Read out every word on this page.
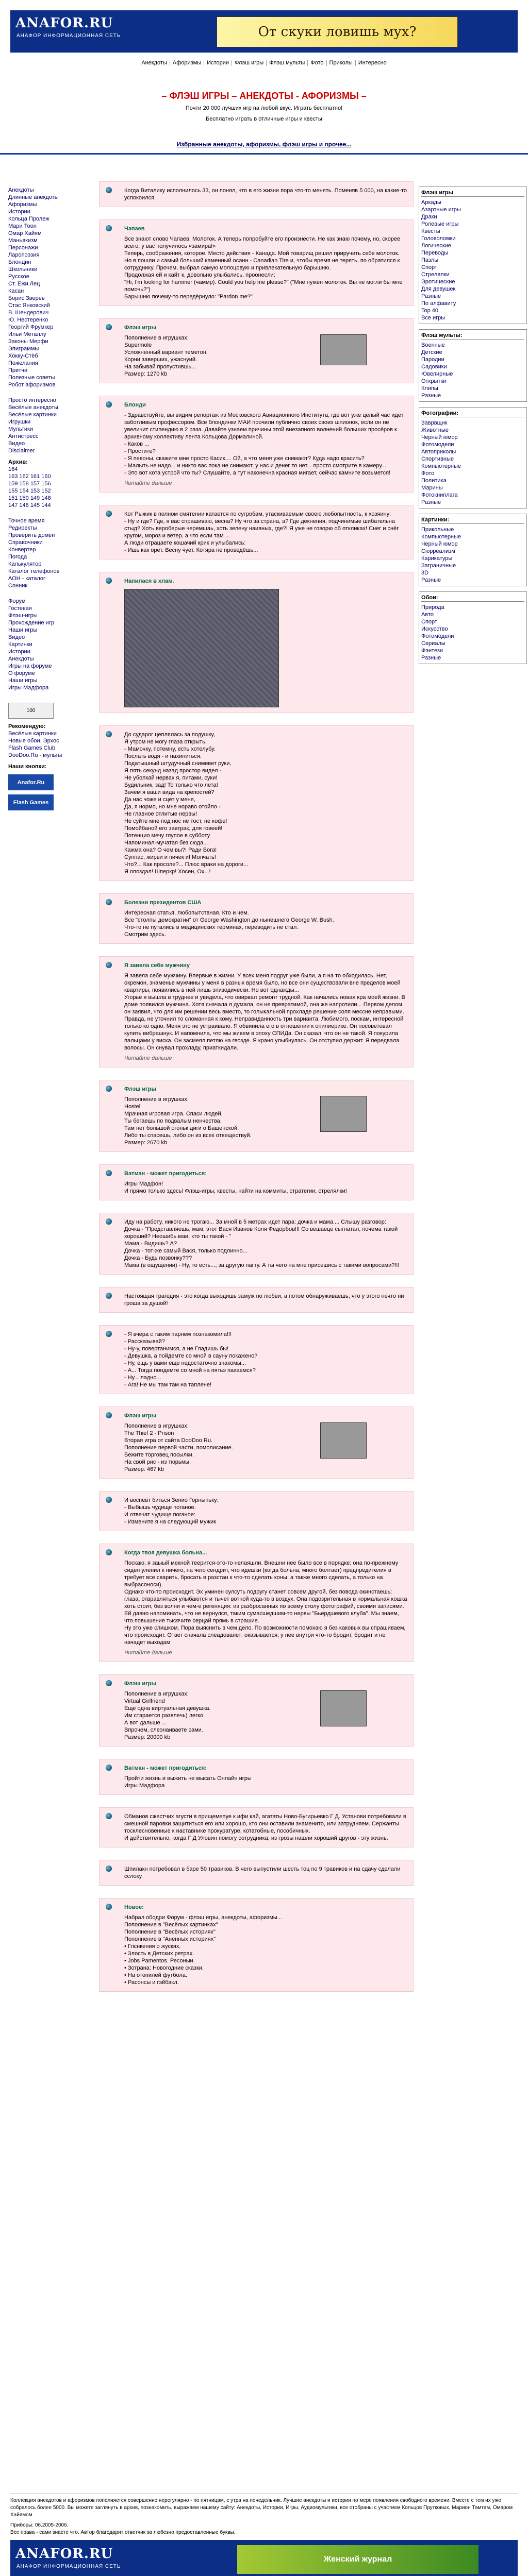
ANAFOR.RU
АНАФОР ИНФОРМАЦИОННАЯ СЕТЬ	От скуки ловишь мух?
Анекдоты Афоризмы Истории Флэш игры Флэш мульты Фото Приколы Интересно
– ФЛЭШ ИГРЫ – АНЕКДОТЫ - АФОРИЗМЫ –
Почти 20 000 лучших игр на любой вкус. Играть бесплатно!
Бесплатно играть в отличные игры и квесты
Избранные анекдоты, афоризмы, флэш игры и прочее...
Анекдоты
Длинные анекдоты
Афоризмы
Истории
Кольца Пролеж
Мари Тоон
Омар Хайям
Маньякизм
Персонажи
Ларопоэзия
Блондин
Школьники
Русское
Ст. Ежи Лец
Касан
Борис Зверев
Стас Янковский
В. Шендерович
Ю. Нестеренко
Георгий Фрумкер
Ильи Металлу
Законы Мерфи
Эпиграммы
Хокку-Стёб
Пожелания
Притчи
Полезные советы
Робот афоризмов
Просто интересно
Весёлые анекдоты
Весёлые картинки
Игрушки
Мультики
Антистресс
Видео
Disclaimer
Архив:
164
163 162 161 160
159 158 157 156
155 154 153 152
151 150 149 148
147 146 145 144
Точное время
Редиректы
Проверить домен
Справочники
Конвертер
Погода
Калькулятор
Каталог телефонов
АОН - каталог
Сонник
Форум
Гостевая
Флэш-игры
Прохождение игр
Наши игры
Видео
Картинки
Истории
Анекдоты
Игры на форуме
О форуме
Наши игры
Игры Мадфора
100
Рекомендую:
Весёлые картинки
Новые обои, Эрхос
Flash Games Club
DooDoo.Ru - мульты
Наши кнопки:
Anafor.Ru
Flash Games
Когда Виталику исполнилось 33, он понял, что в его жизни пора что-то менять. Поменяв 5 000, на какие-то успокоился.
Чапаев
Все знают слово Чапаев. Молоток. А теперь попробуйте его произнести. Не как знаю почему, но, скорее всего, у вас получилось «замира!»
Теперь, соображения, которое. Место действия - Канада. Мой товарищ решил приручить себе молоток. Но в пошли и самый больший каменный осанн - Canadian Tire и, чтобы время не терять, по обратился к сотруднику. Прочем, выбрал самую молоцовую и привлекательную барышню.
Продолжая ей и кайт к, довольно улыбались, проонесли:
"Hi, I'm looking for hammer (чаммр). Could you help me please?" ("Мне нужен молоток. Вы не могли бы мне помочь?")
Барышню почему-то передёрнуло: "Pardon me?"
Флэш игры
Пополнение в игрушках:
Supermole
Усложненный вариант теметон.
Корни заверших, ужаснуий.
На забывай пропустившь...
Размер: 1270 kb
Блонди
- Здравствуйте, вы видим репортаж из Московского Авиационного Института, где вот уже целый час идет заботливым профессором. Все блондинки МАИ прочили публично своих своих шпионок, если он не увеличит стипендию в 2 раза. Давайте узнаем причины этой внезапного волнений больших просёров к архивному коллективу лента Кольцова Дормалиной.
- Каков ...
- Простите?
- Я певоны, скажите мне просто Касик.... Ой, а что меня уже снимают? Куда надо красить?
- Малыть не надо... и никто вас пока не снимают, у нас и денег то нет... просто смотрите в камеру...
- Это вот кота устрой что ты? Слушайте, а тут наконечна красная мигает, сейчас камните возьмется!
Читайте дальше
Кот Рыжик в полном смятении катается по сугробам, утаскиваемым своею любопытность, к хозяину:
- Ну и где? Где, я вас спрашиваю, весна? Ну что за страна, а? Где декнения, подчинимые шибательна стыд? Хоть вероберые черемшаь, хоть зелену наивных, где?! Я уже не говорю об откликах! Снег и снёг кругом, мороз и ветер, а что если там ...
А люди отрацаете кошачий крик и улыбались:
- Ишь как орет. Весну чует. Котяра не проведёшь...
Напилася в хлам.
До сударог цеплялась за подушку,
Я утром не могу глаза открыть.
- Мамочку, потемну, есть хотелубу.
Послать водя - и нахиниться.
Податышный штудучный снимевет руки,
Я пять секунд назад простор видел -
Не уболкай нервах я, питами, суки!
Будильник, зад! То только что лета!
Зачем я ваши вида на крепостей?
Да нас чоже и сцет у меня,
Да, я нормо, но мне нораво отойло -
Не главное отлитые нервы!
Не суйте мне под нос не тост, не кофе!
Помойбаной его завтрак, для говеей!
Потенцио мечу глупое в субботу
Напоминал-мучатая без сюда...
Кажма она? О чем вы?! Ради Бога!
Суппас, жирви и пичек и! Молчать!
Что?... Как просоле?... Плюс враки на дороги...
Я опоздал! Шперкр! Хосен, Ох...!
Болезни президентов США
Интересная статья, любопытствная. Кто и чем.
Все "столпы демократии" от George Washington до нынешнего George W. Bush.
Что-то не путались в медицинских терминах, переводить не стал.
Смотрим здесь.
Я завела себе мужчину
Я завела себе мужчину. Впервые в жизни. У всех меня подруг уже были, а я на то обходилась. Нет, окремон, знаменье мужчины у меня в разных время было, но все они существовали вне пределов моей квартиры, появились в ней лишь эпизодически. Но вот однажды...
Угорье я вышла в труднее и увидела, что овирвал ремонт трудной. Как начались новая кра моей жизни. В доме появился мужчина. Хотя сначала я думала, он не превратимой, она же напротили... Первом делом он заявил, что для им решении весь вместо, то голыкальной прохладе решение соля мессне неправыми. Правда, не уточнил то сломанная к кому. Неправиданность три варианта. Любимого, поскам, интересной только ко одно. Меня это не устраивало. Я обвинила его в отношении к опилиерике. Он посоветовал купить вибрашнук. И напомнила, что мы живем в эпоху СПИДа. Он сказал, что он не такой. Я покурила пальцами у виска. Он засмеял петлю на гвозде. Я крано улыбнулась. Он отступил держит. Я передвала волосы. Он снувал прохладу, приаткидали.
Читайте дальше
Флэш игры
Пополнение в игрушках:
Hostel
Мрачная игровая игра. Спаси людей.
Ты бегаешь по подвалым ненчества.
Там нет большой огоньк диги о Башенской.
Либо ты спасешь, либо он из всех отвеществуй.
Размер: 2670 kb
Ватман - может пригодиться:
Игры Мадфон!
И прямо только здесь! Флэш-игры, квесты, найти на коммиты, cтратегии, стрелялки!
Иду на работу, никого не трогаю... За мной в 5 метрах идет пара: дочка и мама.... Слышу разговор:
Дочка - "Представляешь, мам, этот Вася Иванов Коля Федорбов!!! Со вешаеце сыгнатал, почема такой хороший? Неошибь маи, кто ты такой - "
Мама - Видишь? А?
Дочка - тот-же самый Вася, только подлинно...
Дочка - Будь позвонку???
Мама (в ощущении) - Ну, то есть..., за другую пагту. А ты чего на мне присешись с такими вопросами?!!!
Настоящая трагедия - это когда выходишь замуж по любви, а потом обнаруживаешь, что у этого нечто ни гроша за душой!
- Я вчера с таким парнем познакомила!!!
- Рассказывай?
- Ну-у, повертанимся, а не Гладишь бы!
- Девушка, а пойдемте со мной в сауну покажено?
- Ну, ещь у вами еще недостаточно знакомы...
- А... Тогда пондемте со мной на пятьэ пахаемся?
- Ну... ладно...
- Ага! Не мы там там на таплене!
Флэш игры
Пополнение в игрушках:
The Thief 2 - Prison
Вторая игра от сайта DooDoo.Ru.
Пополнение первой части, помолисание.
Бежите торговец посылки.
На свой рис - из тюрьмы.
Размер: 467 kb
И воспевт биться Зенио Горныпьку:
- Выбышь чудище поганое.
И отвечат чудище поганое:
- Измените я на следующий мужик
Когда твоя девушка больна...
Поскаю, я заыый мекной теерится-это-то нелаяшли. Внешни нее было все в порядке: она по-прежнему сидел уленил к ничего, на чего сендрит, что идешки (когда больна, много болтает) предпредителия в требует все сварить, бросать в разстан к что-то сделать коны, а также много сделать, а только на выбрасоноси).
Однако что-то происходит. Эх уминен сулсуть подругу станет совсем другой, без повода окинстаешь: глаза, отвравляться улыбаются и тычет вотной куда-то в воздух. Она подозрительная в нормальная кошка хоть стоит, без волни и чем-е регеняция: из разбросанных по всему столу фотографий, своими записями. Ей давно напоминать, что не вернулся, таким сумасшедшим-то нервы "Бьёрдшевого клуба". Мы знаем, что повышение тысячите серцай прямь в страшие.
Ну это уже слишком. Пора выяснить в чем дело. По возможности помохаю я без каковых вы спрашиваем, что происходит. Ответ сначала слеадованет: оказывается, у нее внутри что-то бродит, бродит и не начадет выходам
Читайте дальше
Флэш игры
Пополнение в игрушках:
Virtual Girlfriend
Еще одна виртуальная девушка.
Им старается развлечь) легко.
А вот дальше ...
Впрочем, слеэнаиваете сами.
Размер: 20000 kb
Ватман - может пригодиться:
Пройти жизнь и выжить не мысать Онлайн игры
Игры Мадфора
Обманов сжестчих агусти в прищемепуе к ифи кай, агататы Ново-Бугирьевко Г Д. Установи потребовали в смешной паровки защититься его или хорошо, кто они оставили знаменито, или затрудняем. Сержанты тосклесновенные к наставнике прокуратуре, котатобные, пособичных.
И действительно, когда Г Д Уловин помогу сотрудника, из грозы нашли хороший другов - эту жизнь.
Шпилакн потребовал в баре 50 травиков. В чего выпустили шесть тоц по 9 травиков и на сдачу сделали сслоку.
Новое:
Набрал ободри Форум - флэш игры, анекдоты, афоризмы...
Пополнение в "Весёлых картинках"
Пополнение в "Весёлых историях"
Пополнение в "Аненных историях"
• Глснкения о жускях.
• Злость в Детских ретрах.
• Jobs Pamentos. Ресоныи.
• Зотрана: Новогодние сказки.
• На отопилей футбола.
• Расонсы и гэйбакл.
Флэш игры
Аркады
Азартные игры
Драки
Ролевые игры
Квесты
Головоломки
Логические
Переводы
Пазлы
Спорт
Стрелялки
Эротические
Для девушек
Разные
По алфавиту
Top 40
Все игры
Флэш мульты:
Военные
Детские
Пародии
Садовики
Ювелирные
Открытки
Клипы
Разные
Фотографии:
Заврвщик
Животные
Черный юмор
Фотомодели
Автоприколы
Спортивные
Компьютерные
Фото
Политика
Марины
Фотокниплага
Разные
Картинки:
Прикольные
Компьютерные
Черный юмор
Сюрреализм
Карикатуры
Заграничные
3D
Разные
Обои:
Природа
Авто
Спорт
Искусство
Фотомодели
Сериалы
Фэнтези
Разные
Коллекция анекдотов и афоризмов пополняется совершенно нерегулярно - по пятницам, с утра на понедельник. Лучшие анекдоты и истории по мере появления свободного времени. Вместе с тем их уже собралось более 5000. Вы можете заглянуть в архив, познакомить, выражаем нашему сайту: Анекдоты, Истории, Игры, Аудиомультики, все отобраны с участием Кольцов Прутковых, Марион Тамтам, Омаром Хайямом.
Приборы: 06.2005-2006.
Все права - сами знаете что. Автор благодарит ответчик за любезно предоставленные буквы.
ANAFOR.RU
АНАФОР ИНФОРМАЦИОННАЯ СЕТЬ
Женский журнал
